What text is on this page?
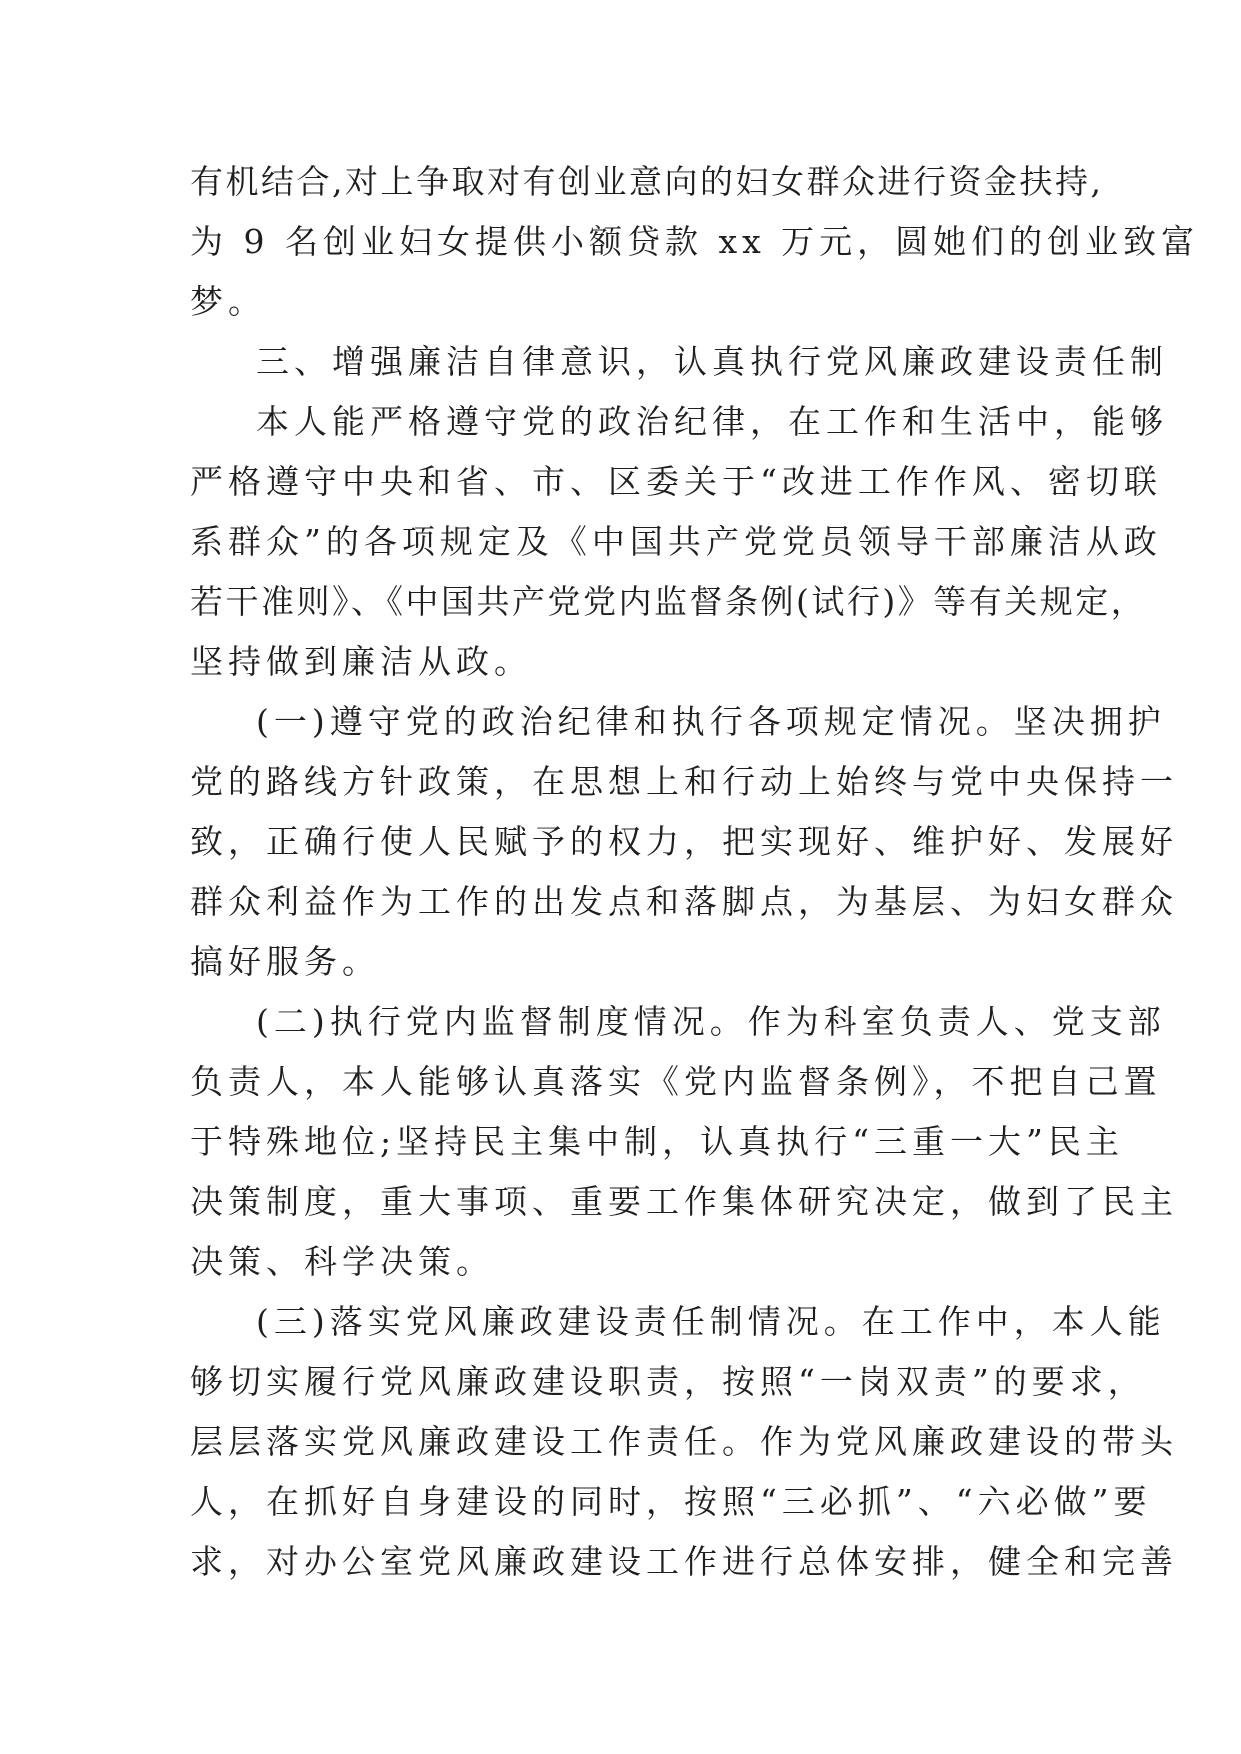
有机结合,对上争取对有创业意向的妇女群众进行资金扶持,
为 9 名创业妇女提供小额贷款 xx 万元，圆她们的创业致富
梦。
三、增强廉洁自律意识，认真执行党风廉政建设责任制
本人能严格遵守党的政治纪律，在工作和生活中，能够
严格遵守中央和省、市、区委关于“改进工作作风、密切联
系群众”的各项规定及《中国共产党党员领导干部廉洁从政
若干准则》、《中国共产党党内监督条例(试行)》等有关规定，
坚持做到廉洁从政。
(一)遵守党的政治纪律和执行各项规定情况。坚决拥护
党的路线方针政策，在思想上和行动上始终与党中央保持一
致，正确行使人民赋予的权力，把实现好、维护好、发展好
群众利益作为工作的出发点和落脚点，为基层、为妇女群众
搞好服务。
(二)执行党内监督制度情况。作为科室负责人、党支部
负责人，本人能够认真落实《党内监督条例》，不把自己置
于特殊地位;坚持民主集中制，认真执行“三重一大”民主
决策制度，重大事项、重要工作集体研究决定，做到了民主
决策、科学决策。
(三)落实党风廉政建设责任制情况。在工作中，本人能
够切实履行党风廉政建设职责，按照“一岗双责”的要求，
层层落实党风廉政建设工作责任。作为党风廉政建设的带头
人，在抓好自身建设的同时，按照“三必抓”、“六必做”要
求，对办公室党风廉政建设工作进行总体安排，健全和完善
